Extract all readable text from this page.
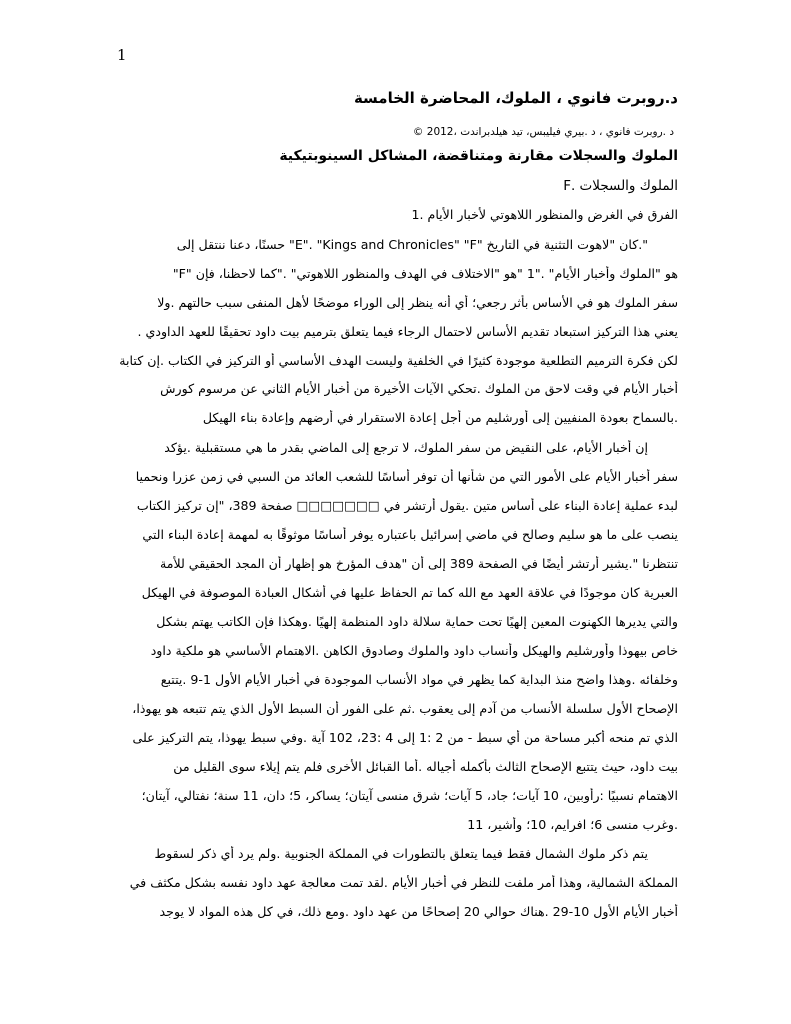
1
د.روبرت فانوي ، الملوك، المحاضرة الخامسة
د .روبرت فانوي ، د .بيري فيليبس، تيد هيلدبراندت ،2012 ©
الملوك والسجلات مقارنة ومتناقضة، المشاكل السينوبتيكية
الملوك والسجلات .F
الفرق في الغرض والمنظور اللاهوتي لأخبار الأيام .1
".كان "لاهوت التثنية في التاريخ "E". "Kings and Chronicles" "F" حسنًا، دعنا ننتقل إلى
هو "الملوك وأخبار الأيام" ."1 "هو "الاختلاف في الهدف والمنظور اللاهوتي" ."كما لاحظنا، فإن "F"
سفر الملوك هو في الأساس بأثر رجعي؛ أي أنه ينظر إلى الوراء موضحًا لأهل المنفى سبب حالتهم .ولا
يعني هذا التركيز استبعاد تقديم الأساس لاحتمال الرجاء فيما يتعلق بترميم بيت داود تحقيقًا للعهد الداودي .
لكن فكرة الترميم التطلعية موجودة كثيرًا في الخلفية وليست الهدف الأساسي أو التركيز في الكتاب .إن كتابة
أخبار الأيام في وقت لاحق من الملوك .تحكي الآيات الأخيرة من أخبار الأيام الثاني عن مرسوم كورش
.بالسماح بعودة المنفيين إلى أورشليم من أجل إعادة الاستقرار في أرضهم وإعادة بناء الهيكل
إن أخبار الأيام، على النقيض من سفر الملوك، لا ترجع إلى الماضي بقدر ما هي مستقبلية .يؤكد
سفر أخبار الأيام على الأمور التي من شأنها أن توفر أساسًا للشعب العائد من السبي في زمن عزرا ونحميا
لبدء عملية إعادة البناء على أساس متين .يقول أرتشر في □□□□□□□ صفحة 389، "إن تركيز الكتاب
ينصب على ما هو سليم وصالح في ماضي إسرائيل باعتباره يوفر أساسًا موثوقًا به لمهمة إعادة البناء التي
تنتظرنا ".يشير أرتشر أيضًا في الصفحة 389 إلى أن "هدف المؤرخ هو إظهار أن المجد الحقيقي للأمة
العبرية كان موجودًا في علاقة العهد مع الله كما تم الحفاظ عليها في أشكال العبادة الموصوفة في الهيكل
والتي يديرها الكهنوت المعين إلهيًا تحت حماية سلالة داود المنظمة إلهيًا .وهكذا فإن الكاتب يهتم بشكل
خاص بيهوذا وأورشليم والهيكل وأنساب داود والملوك وصادوق الكاهن .الاهتمام الأساسي هو ملكية داود
وخلفائه .وهذا واضح منذ البداية كما يظهر في مواد الأنساب الموجودة في أخبار الأيام الأول 1-9 .يتتبع
الإصحاح الأول سلسلة الأنساب من آدم إلى يعقوب .ثم على الفور أن السبط الأول الذي يتم تتبعه هو يهوذا،
الذي تم منحه أكبر مساحة من أي سبط - من 2 :1 إلى 4 :23، 102 آية .وفي سبط يهوذا، يتم التركيز على
بيت داود، حيث يتتبع الإصحاح الثالث بأكمله أجياله .أما القبائل الأخرى فلم يتم إيلاء سوى القليل من
الاهتمام نسبيًا :رأوبين، 10 آيات؛ جاد، 5 آيات؛ شرق منسى آيتان؛ يساكر، 5؛ دان، 11 سنة؛ نفتالي، آيتان؛
.وغرب منسى 6؛ افرايم، 10؛ وأشير، 11
يتم ذكر ملوك الشمال فقط فيما يتعلق بالتطورات في المملكة الجنوبية .ولم يرد أي ذكر لسقوط
المملكة الشمالية، وهذا أمر ملفت للنظر في أخبار الأيام .لقد تمت معالجة عهد داود نفسه بشكل مكثف في
أخبار الأيام الأول 10-29 .هناك حوالي 20 إصحاحًا من عهد داود .ومع ذلك، في كل هذه المواد لا يوجد
